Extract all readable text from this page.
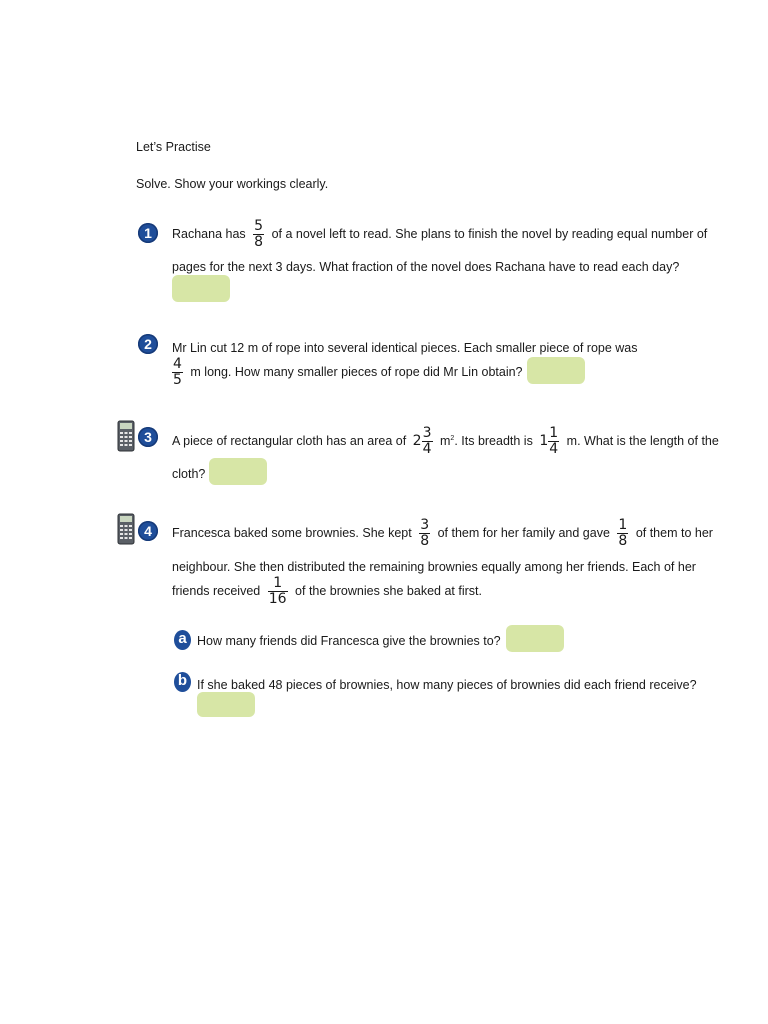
Let’s Practise
Solve. Show your workings clearly.
1	Rachana has $\frac{5}{8}$ of a novel left to read. She plans to finish the novel by reading equal number of
pages for the next 3 days. What fraction of the novel does Rachana have to read each day?
2	Mr Lin cut 12 m of rope into several identical pieces. Each smaller piece of rope was
$\frac{4}{5}$ m long. How many smaller pieces of rope did Mr Lin obtain?
3	A piece of rectangular cloth has an area of $2 \frac{3}{4} m^2$. Its breadth is $1 \frac{1}{4} m$. What is the length of the
cloth?
4	Francesca baked some brownies. She kept $\frac{3}{8}$ of them for her family and gave $\frac{1}{8}$ of them to her
neighbour. She then distributed the remaining brownies equally among her friends. Each of her
friends received $\frac{1}{16}$ of the brownies she baked at first.
a How many friends did Francesca give the brownies to?
b If she baked 48 pieces of brownies, how many pieces of brownies did each friend receive?
